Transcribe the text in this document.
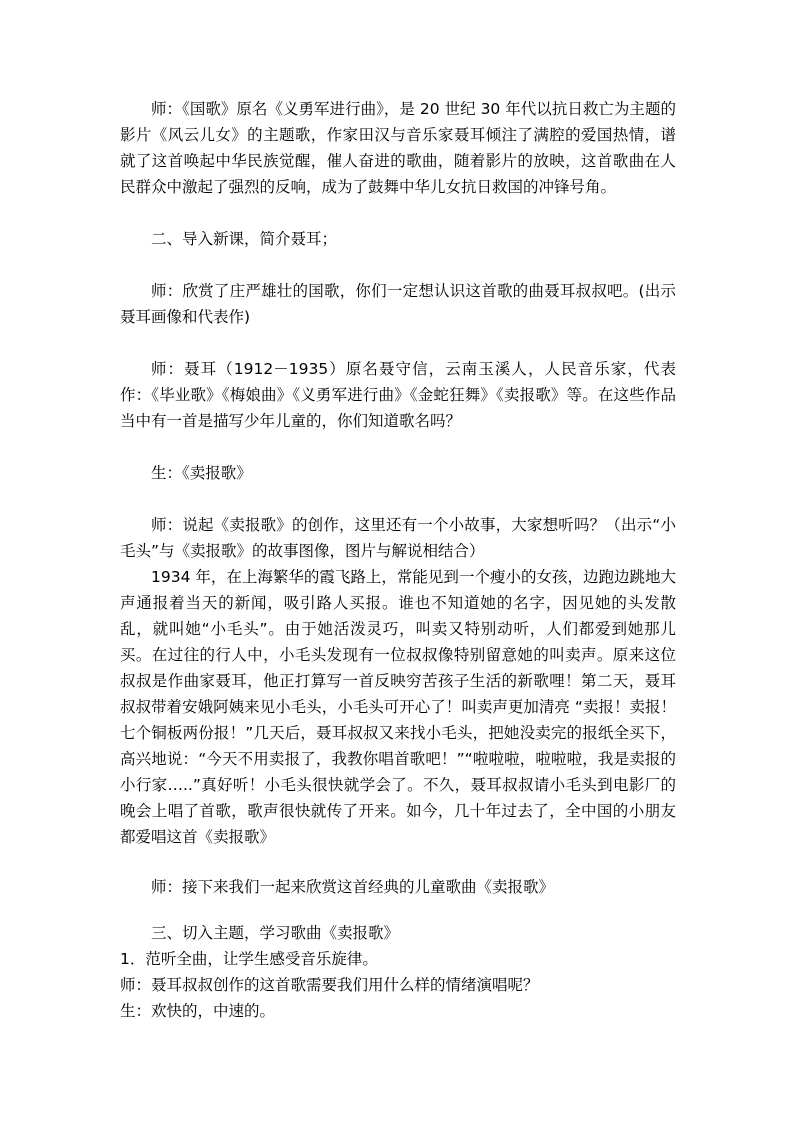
师：《国歌》原名《义勇军进行曲》，是 20 世纪 30 年代以抗日救亡为主题的影片《风云儿女》的主题歌，作家田汉与音乐家聂耳倾注了满腔的爱国热情，谱就了这首唤起中华民族觉醒，催人奋进的歌曲，随着影片的放映，这首歌曲在人民群众中激起了强烈的反响，成为了鼓舞中华儿女抗日救国的冲锋号角。

二、导入新课，简介聂耳；

师：欣赏了庄严雄壮的国歌，你们一定想认识这首歌的曲聂耳叔叔吧。(出示聂耳画像和代表作)

师：聂耳（1912－1935）原名聂守信，云南玉溪人，人民音乐家，代表作：《毕业歌》《梅娘曲》《义勇军进行曲》《金蛇狂舞》《卖报歌》等。在这些作品当中有一首是描写少年儿童的，你们知道歌名吗？

生：《卖报歌》

师：说起《卖报歌》的创作，这里还有一个小故事，大家想听吗？（出示“小毛头”与《卖报歌》的故事图像，图片与解说相结合）

1934 年，在上海繁华的霞飞路上，常能见到一个瘦小的女孩，边跑边跳地大声通报着当天的新闻，吸引路人买报。谁也不知道她的名字，因见她的头发散乱，就叫她“小毛头”。由于她活泼灵巧，叫卖又特别动听，人们都爱到她那儿买。在过往的行人中，小毛头发现有一位叔叔像特别留意她的叫卖声。原来这位叔叔是作曲家聂耳，他正打算写一首反映穷苦孩子生活的新歌哩！第二天，聂耳叔叔带着安娥阿姨来见小毛头，小毛头可开心了！叫卖声更加清亮 “卖报！卖报！七个铜板两份报！”几天后，聂耳叔叔又来找小毛头，把她没卖完的报纸全买下，高兴地说：“今天不用卖报了，我教你唱首歌吧！”“啦啦啦，啦啦啦，我是卖报的小行家…..”真好听！小毛头很快就学会了。不久，聂耳叔叔请小毛头到电影厂的晚会上唱了首歌，歌声很快就传了开来。如今，几十年过去了，全中国的小朋友都爱唱这首《卖报歌》

师：接下来我们一起来欣赏这首经典的儿童歌曲《卖报歌》

三、切入主题，学习歌曲《卖报歌》

1．范听全曲，让学生感受音乐旋律。

师：聂耳叔叔创作的这首歌需要我们用什么样的情绪演唱呢？

生：欢快的，中速的。
